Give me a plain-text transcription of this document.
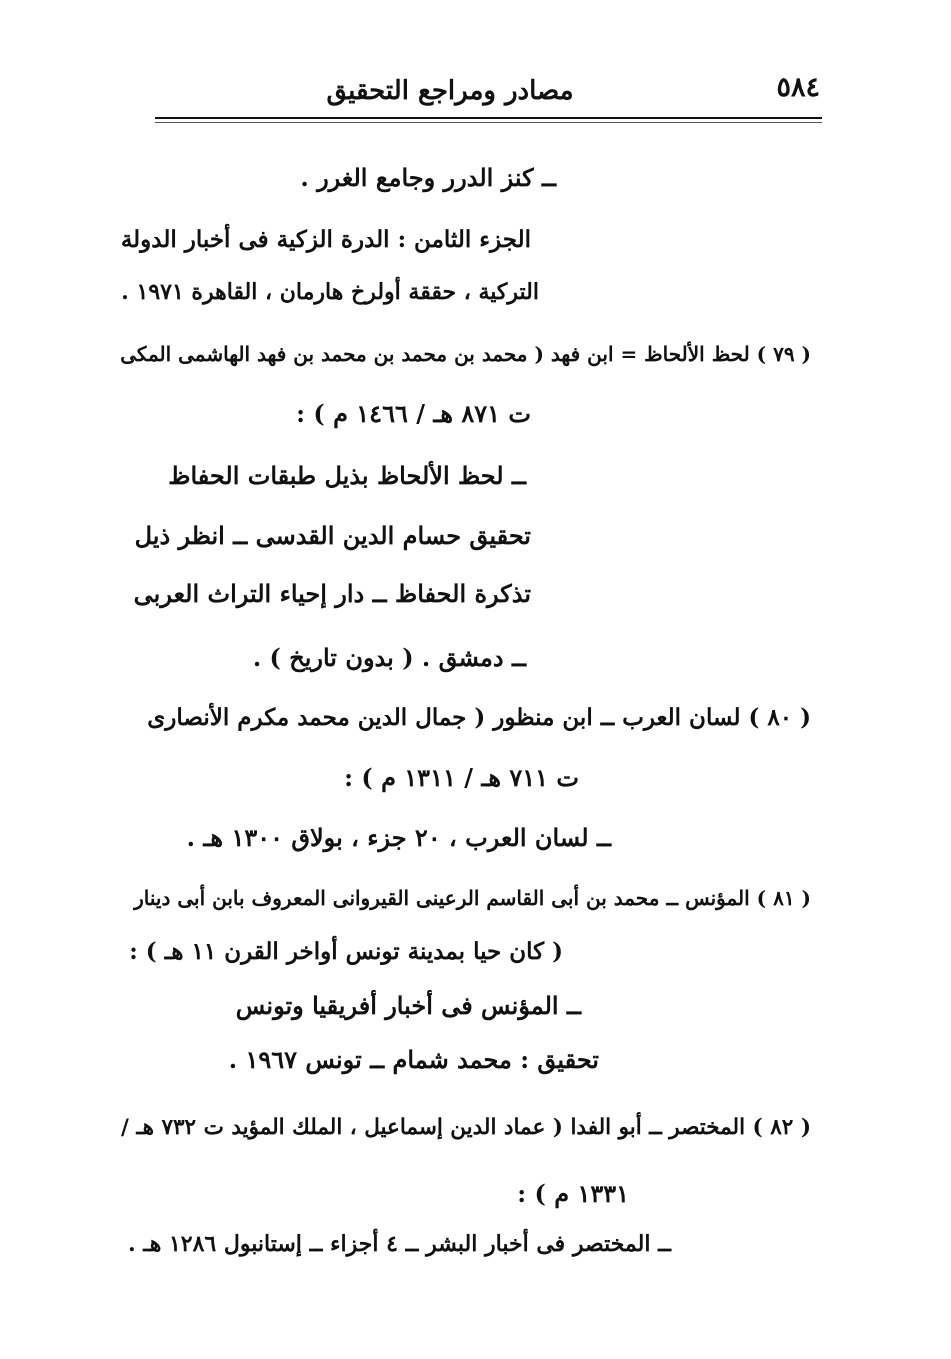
٥٨٤
مصادر ومراجع التحقيق
ــ كنز الدرر وجامع الغرر .
الجزء الثامن : الدرة الزكية فى أخبار الدولة
التركية ، حققة أولرخ هارمان ، القاهرة ١٩٧١ .
( ٧٩ ) لحظ الألحاظ = ابن فهد ( محمد بن محمد بن محمد بن فهد الهاشمى المكى
ت ٨٧١ هـ / ١٤٦٦ م ) :
ــ لحظ الألحاظ بذيل طبقات الحفاظ
تحقيق حسام الدين القدسى ــ انظر ذيل
تذكرة الحفاظ ــ دار إحياء التراث العربى
ــ دمشق . ( بدون تاريخ ) .
( ٨٠ ) لسان العرب ــ ابن منظور ( جمال الدين محمد مكرم الأنصارى
ت ٧١١ هـ / ١٣١١ م ) :
ــ لسان العرب ، ٢٠ جزء ، بولاق ١٣٠٠ هـ .
( ٨١ ) المؤنس ــ محمد بن أبى القاسم الرعينى القيروانى المعروف بابن أبى دينار
( كان حيا بمدينة تونس أواخر القرن ١١ هـ ) :
ــ المؤنس فى أخبار أفريقيا وتونس
تحقيق : محمد شمام ــ تونس ١٩٦٧ .
( ٨٢ ) المختصر ــ أبو الفدا ( عماد الدين إسماعيل ، الملك المؤيد ت ٧٣٢ هـ /
١٣٣١ م ) :
ــ المختصر فى أخبار البشر ــ ٤ أجزاء ــ إستانبول ١٢٨٦ هـ .
